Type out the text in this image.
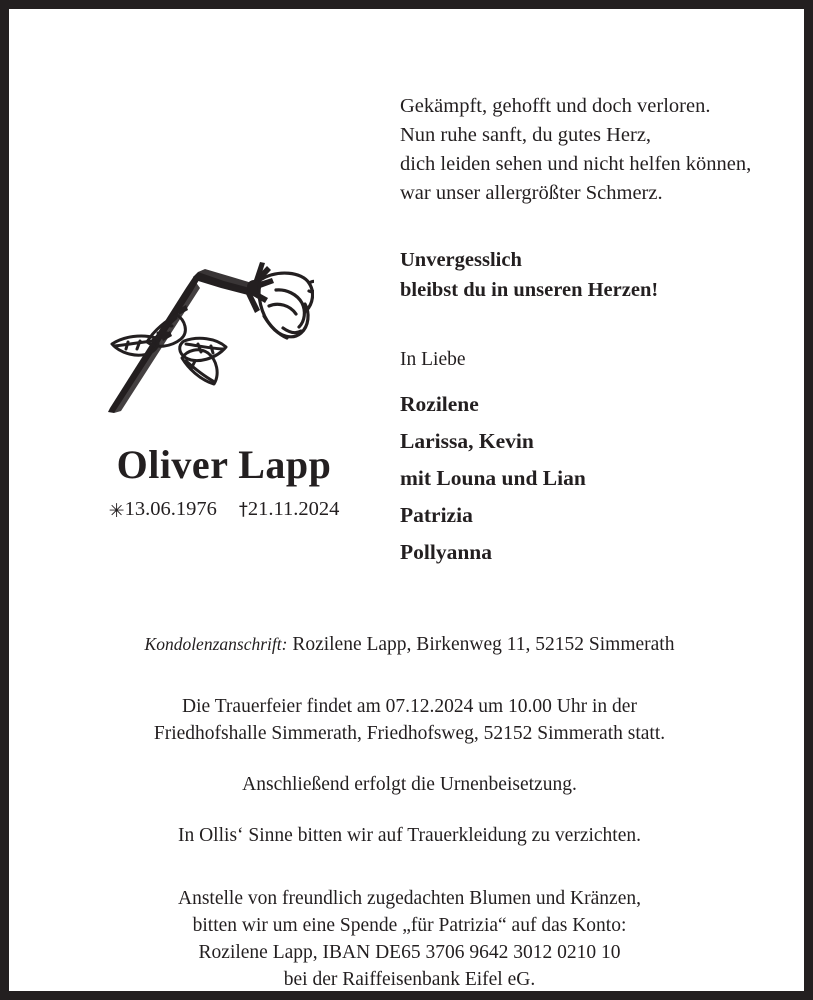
Gekämpft, gehofft und doch verloren.
Nun ruhe sanft, du gutes Herz,
dich leiden sehen und nicht helfen können,
war unser allergrößter Schmerz.
Unvergesslich
bleibst du in unseren Herzen!
In Liebe
Rozilene
Larissa, Kevin
mit Louna und Lian
Patrizia
Pollyanna
Oliver Lapp
✳13.06.1976 †21.11.2024
Kondolenzanschrift: Rozilene Lapp, Birkenweg 11, 52152 Simmerath
Die Trauerfeier findet am 07.12.2024 um 10.00 Uhr in der
Friedhofshalle Simmerath, Friedhofsweg, 52152 Simmerath statt.
Anschließend erfolgt die Urnenbeisetzung.
In Ollis‘ Sinne bitten wir auf Trauerkleidung zu verzichten.
Anstelle von freundlich zugedachten Blumen und Kränzen,
bitten wir um eine Spende „für Patrizia“ auf das Konto:
Rozilene Lapp, IBAN DE65 3706 9642 3012 0210 10
bei der Raiffeisenbank Eifel eG.
